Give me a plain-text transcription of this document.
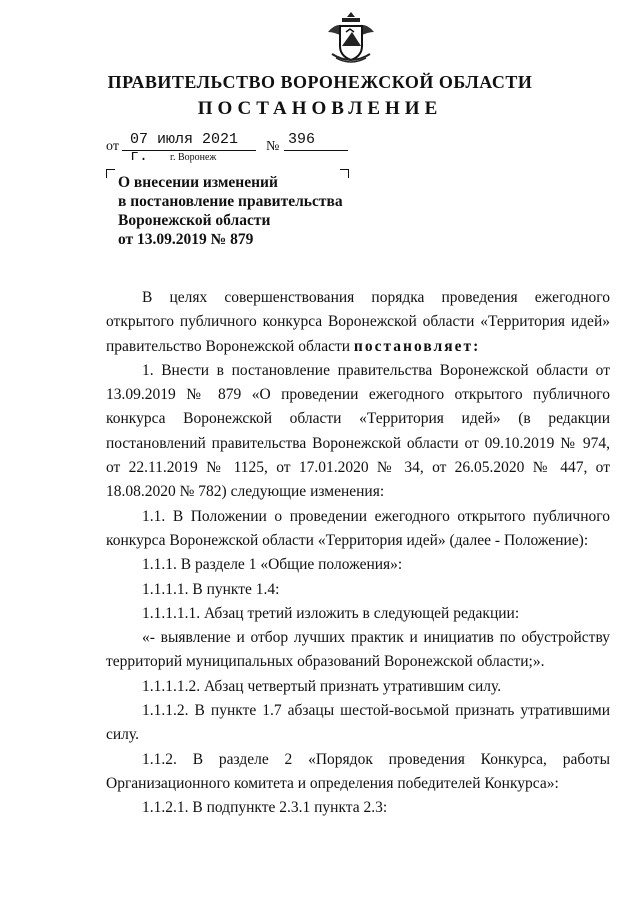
ПРАВИТЕЛЬСТВО ВОРОНЕЖСКОЙ ОБЛАСТИ
ПОСТАНОВЛЕНИЕ
от 07 июля 2021 г.
№ 396
г. Воронеж
О внесении изменений
в постановление правительства
Воронежской области
от 13.09.2019 № 879

В целях совершенствования порядка проведения ежегодного открытого публичного конкурса Воронежской области «Территория идей» правительство Воронежской области постановляет:

1. Внести в постановление правительства Воронежской области от 13.09.2019 № 879 «О проведении ежегодного открытого публичного конкурса Воронежской области «Территория идей» (в редакции постановлений правительства Воронежской области от 09.10.2019 № 974, от 22.11.2019 № 1125, от 17.01.2020 № 34, от 26.05.2020 № 447, от 18.08.2020 № 782) следующие изменения:

1.1. В Положении о проведении ежегодного открытого публичного конкурса Воронежской области «Территория идей» (далее - Положение):

1.1.1. В разделе 1 «Общие положения»:

1.1.1.1. В пункте 1.4:

1.1.1.1.1. Абзац третий изложить в следующей редакции:

«- выявление и отбор лучших практик и инициатив по обустройству территорий муниципальных образований Воронежской области;».

1.1.1.1.2. Абзац четвертый признать утратившим силу.

1.1.1.2. В пункте 1.7 абзацы шестой-восьмой признать утратившими силу.

1.1.2. В разделе 2 «Порядок проведения Конкурса, работы Организационного комитета и определения победителей Конкурса»:

1.1.2.1. В подпункте 2.3.1 пункта 2.3:
